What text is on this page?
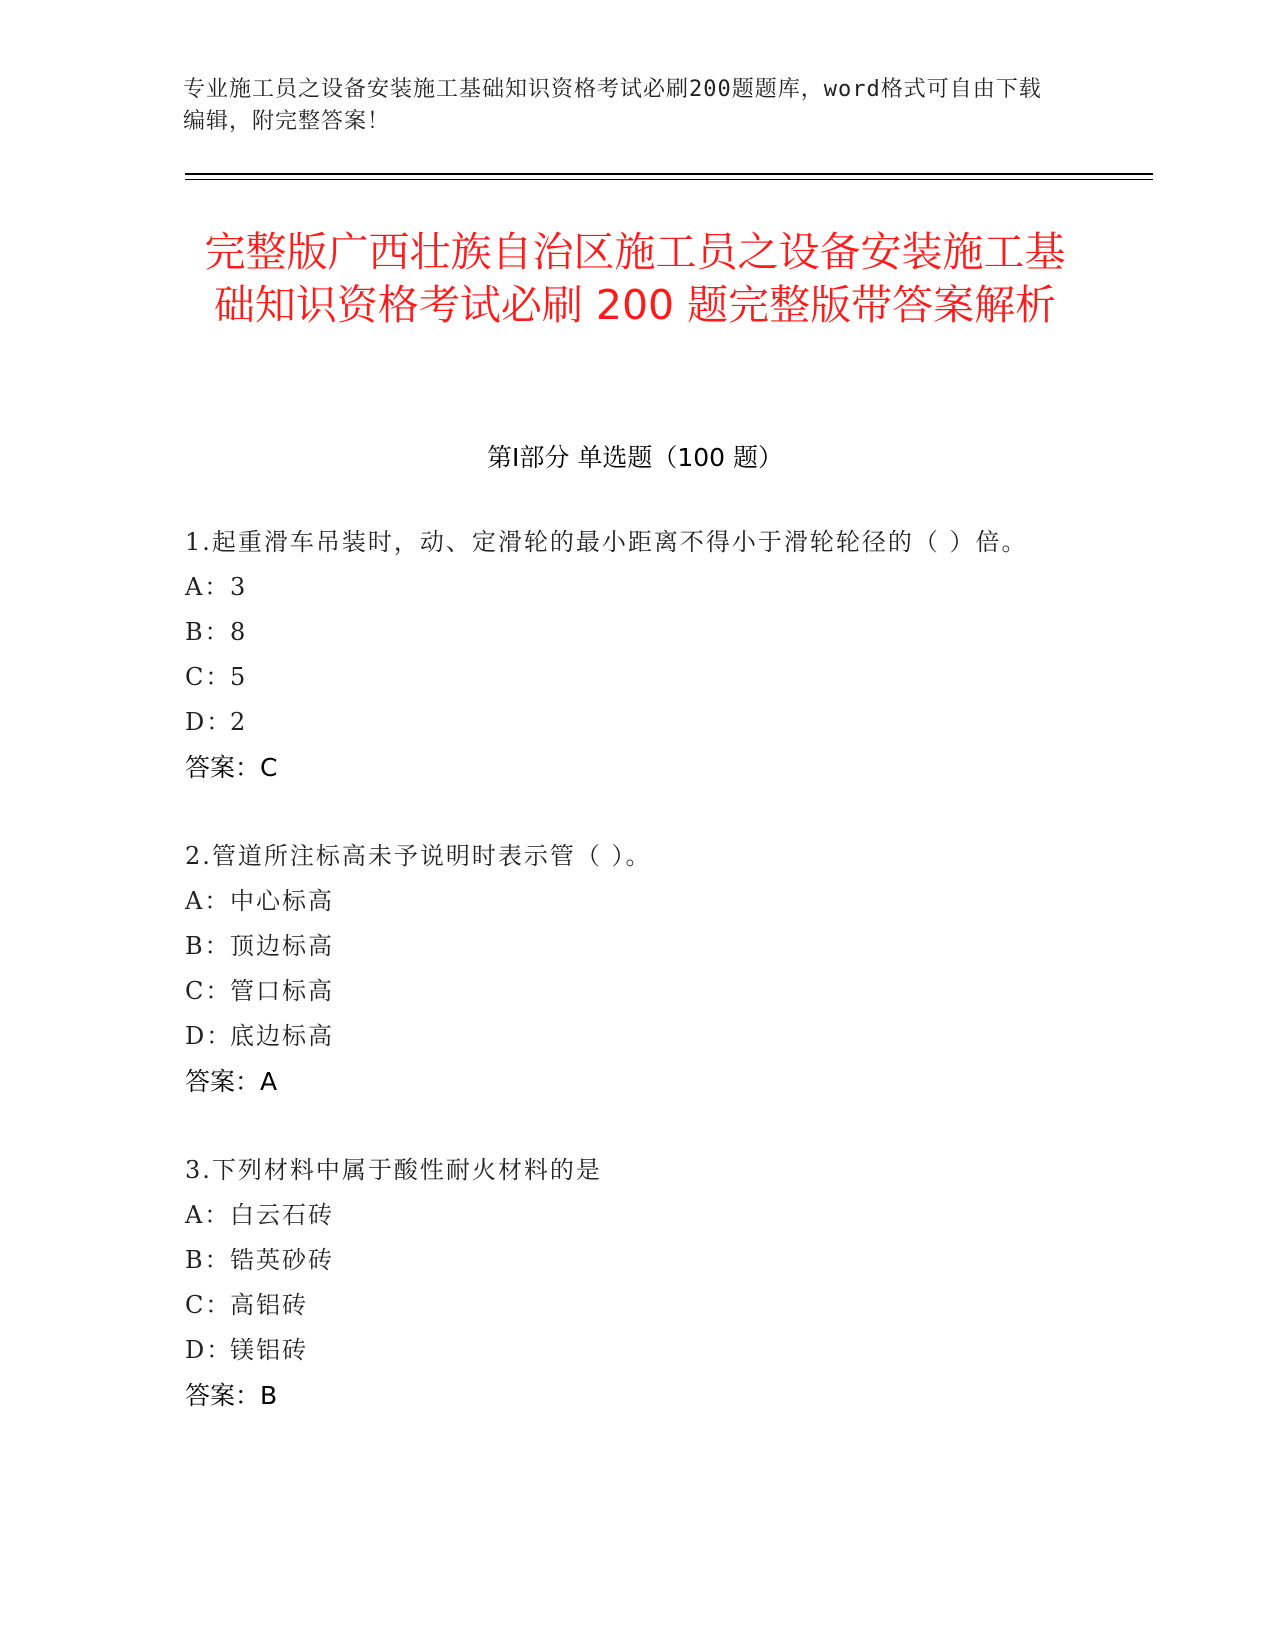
专业施工员之设备安装施工基础知识资格考试必刷200题题库，word格式可自由下载编辑，附完整答案！
完整版广西壮族自治区施工员之设备安装施工基础知识资格考试必刷 200 题完整版带答案解析
第Ⅰ部分 单选题（100 题）
1.起重滑车吊装时，动、定滑轮的最小距离不得小于滑轮轮径的（ ）倍。
A：3
B：8
C：5
D：2
答案：C
2.管道所注标高未予说明时表示管（ ）。
A：中心标高
B：顶边标高
C：管口标高
D：底边标高
答案：A
3.下列材料中属于酸性耐火材料的是
A：白云石砖
B：锆英砂砖
C：高铝砖
D：镁铝砖
答案：B
